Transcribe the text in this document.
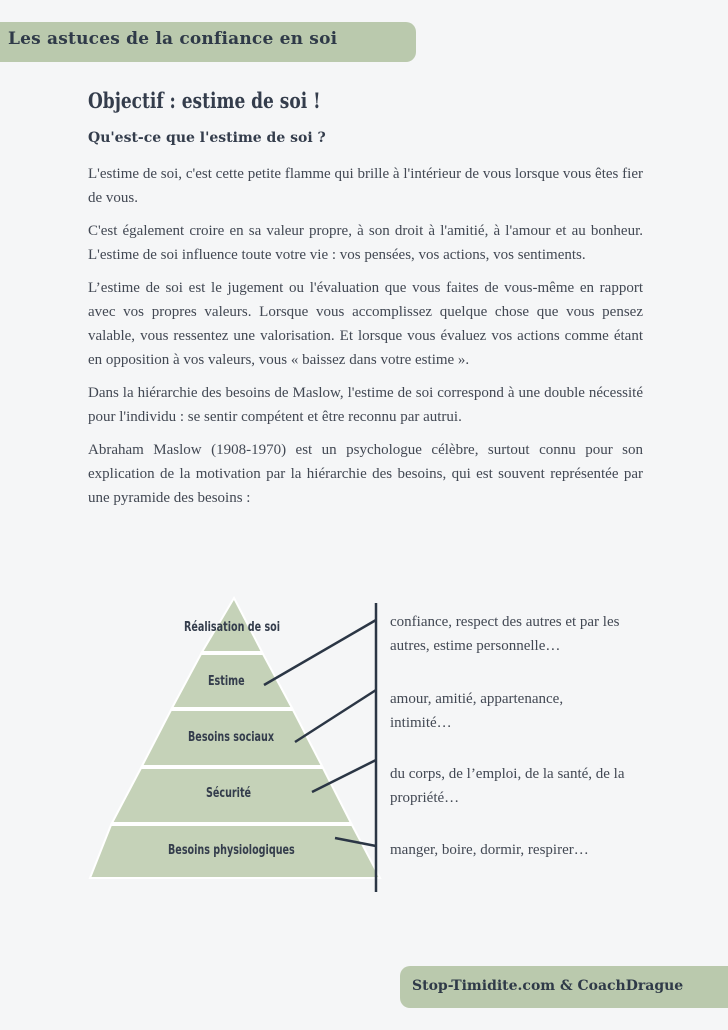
Les astuces de la confiance en soi
Objectif : estime de soi !
Qu'est-ce que l'estime de soi ?

L'estime de soi, c'est cette petite flamme qui brille à l'intérieur de vous lorsque vous êtes fier de vous.

C'est également croire en sa valeur propre, à son droit à l'amitié, à l'amour et au bonheur. L'estime de soi influence toute votre vie : vos pensées, vos actions, vos sentiments.

L’estime de soi est le jugement ou l'évaluation que vous faites de vous-même en rapport avec vos propres valeurs. Lorsque vous accomplissez quelque chose que vous pensez valable, vous ressentez une valorisation. Et lorsque vous évaluez vos actions comme étant en opposition à vos valeurs, vous « baissez dans votre estime ».

Dans la hiérarchie des besoins de Maslow, l'estime de soi correspond à une double nécessité pour l'individu : se sentir compétent et être reconnu par autrui.

Abraham Maslow (1908-1970) est un psychologue célèbre, surtout connu pour son explication de la motivation par la hiérarchie des besoins, qui est souvent représentée par une pyramide des besoins :

Réalisation de soi
Estime
Besoins sociaux
Sécurité
Besoins physiologiques
confiance, respect des autres et par les autres, estime personnelle…
amour, amitié, appartenance, intimité…
du corps, de l’emploi, de la santé, de la propriété…
manger, boire, dormir, respirer…
Stop-Timidite.com & CoachDrague
